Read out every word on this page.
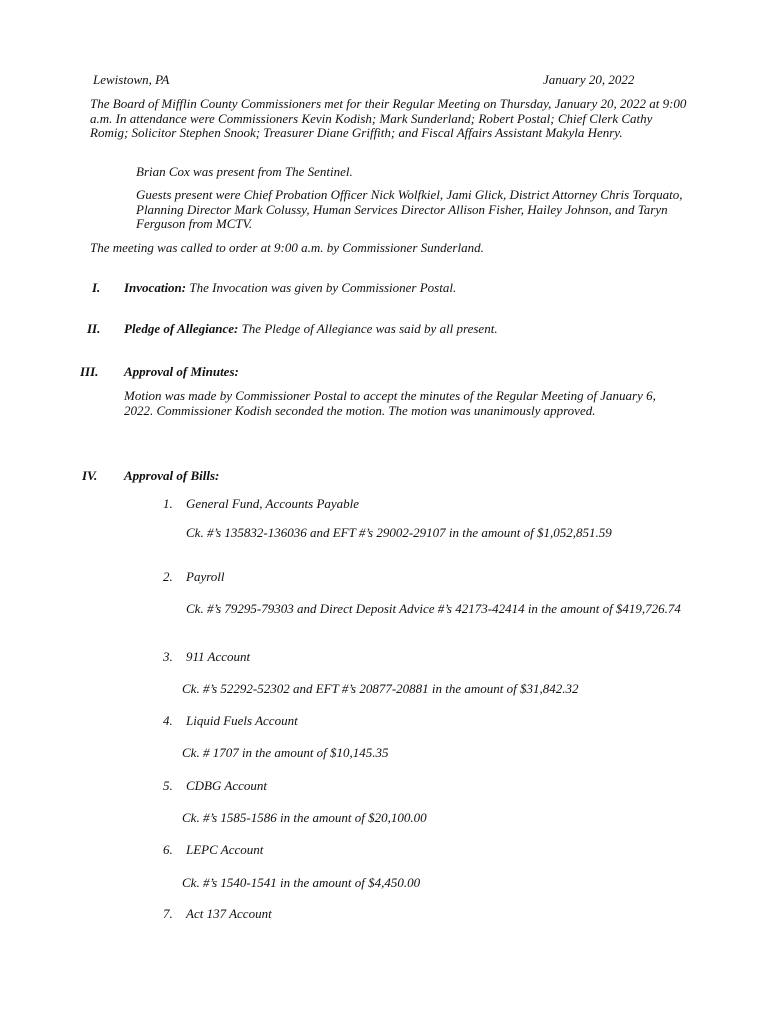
Lewistown, PA	January 20, 2022

The Board of Mifflin County Commissioners met for their Regular Meeting on Thursday, January 20, 2022 at 9:00 a.m. In attendance were Commissioners Kevin Kodish; Mark Sunderland; Robert Postal; Chief Clerk Cathy Romig; Solicitor Stephen Snook; Treasurer Diane Griffith; and Fiscal Affairs Assistant Makyla Henry.

Brian Cox was present from The Sentinel.

Guests present were Chief Probation Officer Nick Wolfkiel, Jami Glick, District Attorney Chris Torquato, Planning Director Mark Colussy, Human Services Director Allison Fisher, Hailey Johnson, and Taryn Ferguson from MCTV.

The meeting was called to order at 9:00 a.m. by Commissioner Sunderland.

I. Invocation: The Invocation was given by Commissioner Postal.

II. Pledge of Allegiance: The Pledge of Allegiance was said by all present.

III. Approval of Minutes:

Motion was made by Commissioner Postal to accept the minutes of the Regular Meeting of January 6, 2022. Commissioner Kodish seconded the motion. The motion was unanimously approved.

IV. Approval of Bills:
1. General Fund, Accounts Payable

Ck. #’s 135832-136036 and EFT #’s 29002-29107 in the amount of $1,052,851.59

2. Payroll

Ck. #’s 79295-79303 and Direct Deposit Advice #’s 42173-42414 in the amount of $419,726.74

3. 911 Account

Ck. #’s 52292-52302 and EFT #’s 20877-20881 in the amount of $31,842.32

4. Liquid Fuels Account

Ck. # 1707 in the amount of $10,145.35

5. CDBG Account

Ck. #’s 1585-1586 in the amount of $20,100.00

6. LEPC Account

Ck. #’s 1540-1541 in the amount of $4,450.00

7. Act 137 Account
